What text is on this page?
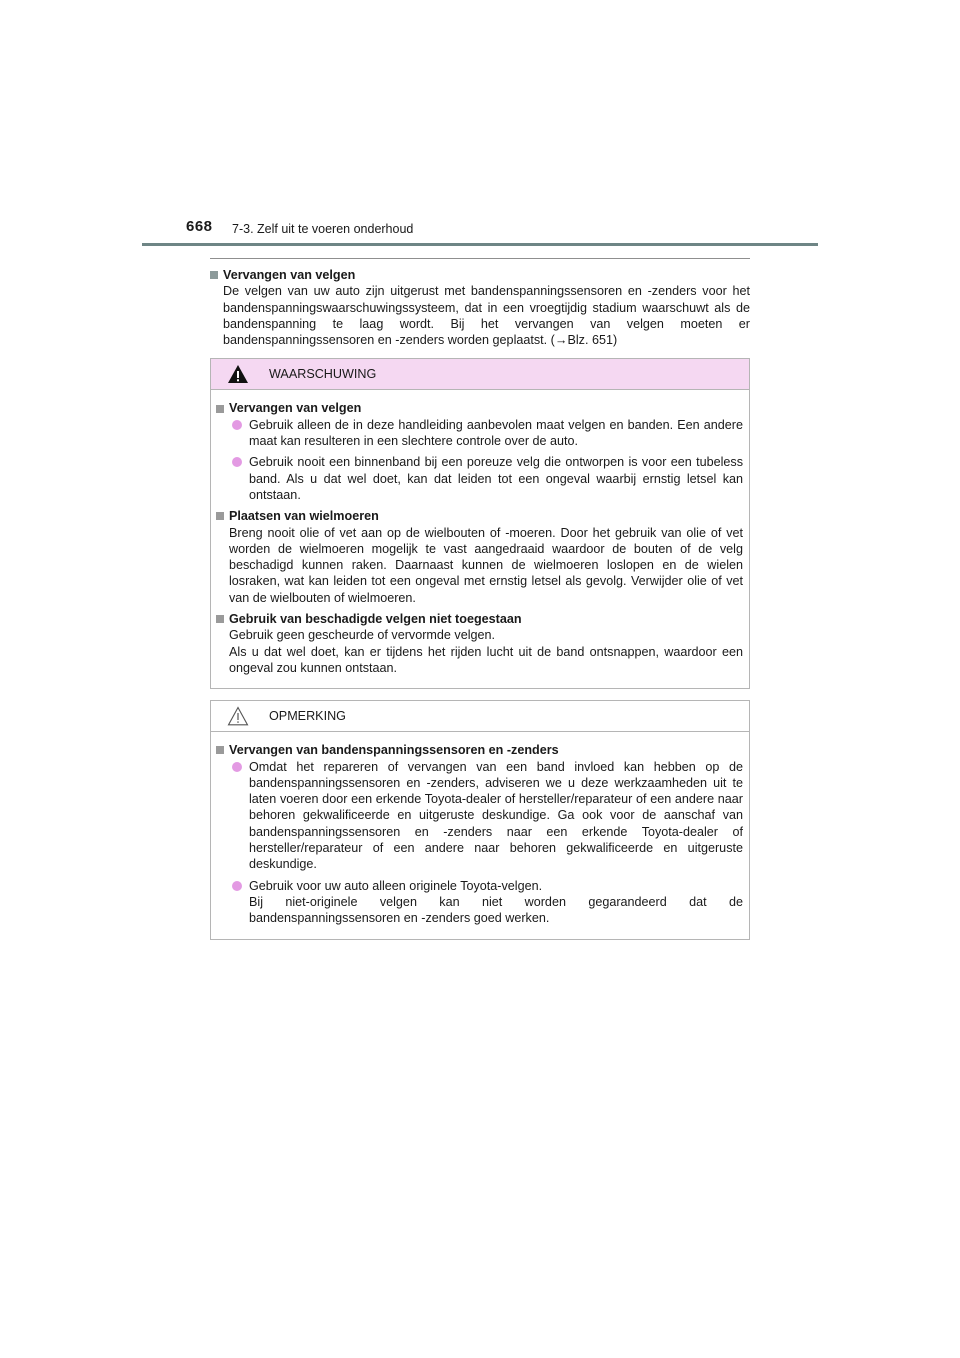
668 7-3. Zelf uit te voeren onderhoud
Vervangen van velgen
De velgen van uw auto zijn uitgerust met bandenspanningssensoren en -zenders voor het bandenspanningswaarschuwingssysteem, dat in een vroegtijdig stadium waarschuwt als de bandenspanning te laag wordt. Bij het vervangen van velgen moeten er bandenspanningssensoren en -zenders worden geplaatst. (→Blz. 651)
WAARSCHUWING
Vervangen van velgen
Gebruik alleen de in deze handleiding aanbevolen maat velgen en banden. Een andere maat kan resulteren in een slechtere controle over de auto.
Gebruik nooit een binnenband bij een poreuze velg die ontworpen is voor een tubeless band. Als u dat wel doet, kan dat leiden tot een ongeval waarbij ernstig letsel kan ontstaan.
Plaatsen van wielmoeren
Breng nooit olie of vet aan op de wielbouten of -moeren. Door het gebruik van olie of vet worden de wielmoeren mogelijk te vast aangedraaid waardoor de bouten of de velg beschadigd kunnen raken. Daarnaast kunnen de wielmoeren loslopen en de wielen losraken, wat kan leiden tot een ongeval met ernstig letsel als gevolg. Verwijder olie of vet van de wielbouten of wielmoeren.
Gebruik van beschadigde velgen niet toegestaan
Gebruik geen gescheurde of vervormde velgen.
Als u dat wel doet, kan er tijdens het rijden lucht uit de band ontsnappen, waardoor een ongeval zou kunnen ontstaan.
OPMERKING
Vervangen van bandenspanningssensoren en -zenders
Omdat het repareren of vervangen van een band invloed kan hebben op de bandenspanningssensoren en -zenders, adviseren we u deze werkzaamheden uit te laten voeren door een erkende Toyota-dealer of hersteller/reparateur of een andere naar behoren gekwalificeerde en uitgeruste deskundige. Ga ook voor de aanschaf van bandenspanningssensoren en -zenders naar een erkende Toyota-dealer of hersteller/reparateur of een andere naar behoren gekwalificeerde en uitgeruste deskundige.
Gebruik voor uw auto alleen originele Toyota-velgen.
Bij niet-originele velgen kan niet worden gegarandeerd dat de bandenspanningssensoren en -zenders goed werken.
